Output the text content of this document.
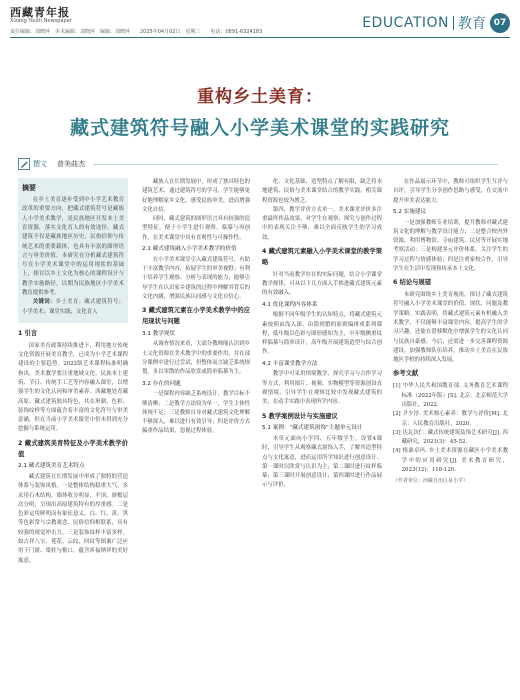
西藏青年报
Xizang Youth Newspaper
责任编辑：刘晓萍　美术编辑：刘晓萍　编辑：刘晓萍　　2025年04月02日　星期三　　电话：0891-6324183
EDUCATION 教育 07
重构乡土美育：
藏式建筑符号融入小学美术课堂的实践研究
撰文 普美曲杰

摘要

在乡土美育逐步受到中小学艺术教育改革的重要方向，把藏式建筑符号是藏族人小学美术教学，是民族地区开发本土美育资源，落实文化育人的有效途径。藏式建筑不仅是藏族地区历史、民俗信仰与传统艺术的重要载体，也具有丰富的图形语言与审美价值。本研究在分析藏式建筑符号在小学美术课堂中的运用现状的基础上，探讨以乡土文化为核心的课程设计与教学实施路径，以期为民族地区小学美术教育提供参考。

关键词：乡土美育；藏式建筑符号；小学美术；课堂实践；文化育人

1 引言

国家美育政策持续推进下，利用地方传统文化资源开展美育教学，已成为小学艺术课程建设的主要趋势。2022版艺术课程标准明确指出，美术教学要注重地域文化、民族本土建筑、节日、传统手工艺等内容融入课堂，以增强学生的文化认同和审美素养。西藏地处青藏高原，藏式建筑独具特色，其在形制、色彩、装饰纹样等方面蕴含着丰富的文化符号与审美意涵，但在当前小学美术课堂中仍未得到充分挖掘与系统运用。

2 藏式建筑美育特征及小学美术教学价值

2.1 藏式建筑美育艺术特点

藏式建筑在长期发展中形成了独特的营造体系与装饰风格。一是整体结构稳重大气，多采用石木结构，墙体收分明显，平顶、窗檐层次分明，呈现出高原建筑特有的厚重感。二是色彩运用鲜明而有象征意义，白、红、黄、黑等色彩常与宗教观念、民俗信仰相联系，具有较强的视觉冲击力。三是装饰纹样丰富多样，如吉祥八宝、莲花、云纹、回纹等图案广泛应用于门窗、梁柱与檐口，蕴含祈福纳祥的美好寓意。

藏族人在长期发展中，形成了独具特色的建筑艺术，通过建筑符号的学习，学生能够更好地理解家乡文化、感受民族审美，进而增强文化自信。

同时，藏式建筑的图形语言具有较强的造型特征，便于小学生进行观察、临摹与再创作，在美术课堂中具有直观性与可操作性。

2.2 藏式建筑融入小学美术教学的价值

在小学美术课堂引入藏式建筑符号，有助于丰富教学内容，拓展学生的审美视野；有利于培养学生观察、分析与表现的能力；能够引导学生在认识家乡建筑的过程中理解其背后的文化内涵，增强民族认同感与文化自信心。

3 藏式建筑元素在小学美术教学中的应用现状与问题

3.1 教学现状

从调查情况来看，大部分教师能认识到乡土文化资源在美术教学中的重要作用，并在部分课例中进行过尝试，但整体而言缺乏系统规划，多以零散的作品欣赏或简单临摹为主。

3.2 存在的问题

一是课程内容缺乏系统设计，教学目标不够清晰；二是教学方法较为单一，学生主体性体现不足；三是教师自身对藏式建筑文化理解不够深入，难以进行有效引导；四是评价方式偏重作品结果，忽视过程体验。

化、文化基础、造型特点了解有限，缺乏将本地建筑、民俗与美术课堂结合的教学实践，相关课程资源也较为匮乏。

第四，教学评价方式单一。美术课堂评价多注重最终作品效果，对学生在观察、探究与创作过程中的表现关注不够，难以全面反映学生的学习成效。

4 藏式建筑元素融入小学美术课堂的教学策略

针对当前教学存在的实际问题，结合小学课堂教学规律，可从以下几方面入手推进藏式建筑元素的有效融入。

4.1 优化课程内容体系

根据不同年级学生的认知特点，将藏式建筑元素按照由浅入深、由简到繁的原则编排成系列课程，低年级以色彩与图形感知为主，中年级侧重纹样临摹与简单设计，高年级开展建筑造型与综合创作。

4.2 丰富课堂教学方法

教学中可采用情境教学、探究学习与合作学习等方式，利用图片、视频、实物模型等资源创设直观情境，引导学生在观察比较中发现藏式建筑的美，在动手实践中表现所学内容。

5 教学案例设计与实施建议

5.1 案例：“藏式建筑窗饰”主题单元设计

本单元面向小学四、五年级学生，设置4课时，引导学生从观察藏式窗饰入手，了解其造型特点与文化寓意，进而运用所学知识进行创意设计。第一课时以欣赏与认识为主；第二课时进行纹样临摹；第三课时开展创意设计；第四课时进行作品展示与评价。

在作品展示环节中，教师可组织学生互评与自评，引导学生分享创作思路与感受，在交流中提升审美表达能力。

5.2 实施建议

一是加强教师专业培训，提升教师对藏式建筑文化的理解与教学设计能力；二是整合校内外资源，利用博物馆、寺庙建筑、民居等开展实地考察活动；三是构建多元评价体系，关注学生的学习过程与情感体验；四是注重家校合作，引导学生在生活中发现和传承本土文化。

6 结论与展望

本研究围绕乡土美育视角，探讨了藏式建筑符号融入小学美术课堂的价值、现状、问题及教学策略。实践表明，将藏式建筑元素有机融入美术教学，不仅能够丰富课堂内容、提高学生的学习兴趣，还能在潜移默化中增强学生的文化认同与民族自豪感。今后，还需进一步完善课程资源建设，加强教师队伍培养，推动乡土美育在民族地区学校的持续深入发展。

参考文献

[1] 中华人民共和国教育部. 义务教育艺术课程标准（2022年版）[S]. 北京：北京师范大学出版社，2022.

[2] 尹少淳. 美术核心素养：教学与评价[M]. 北京：人民教育出版社，2020.

[3] 达瓦次仁. 藏式传统建筑装饰艺术研究[J]. 西藏研究，2021(3)：45-52.

[4] 格桑卓玛. 乡土美术资源在藏区小学美术教学中的应用研究[J]. 美术教育研究，2023(12)：118-120.

（作者单位：西藏自治区某小学）
